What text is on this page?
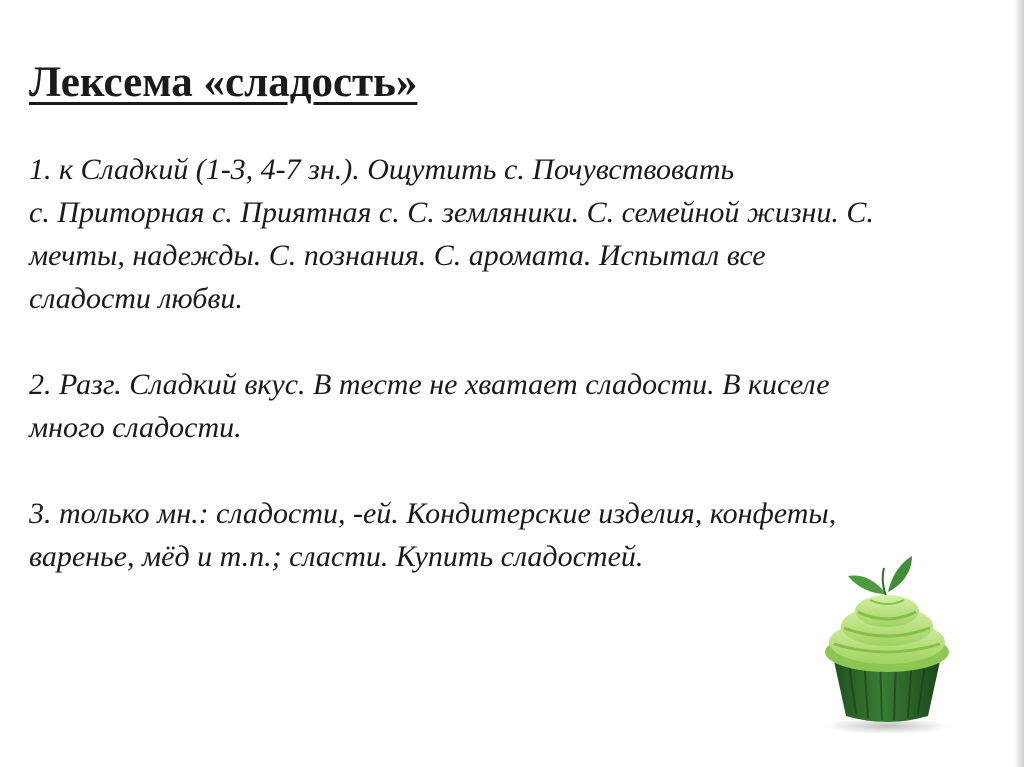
Лексема «сладость»

1. к Сладкий (1-3, 4-7 зн.). Ощутить с. Почувствовать
с. Приторная с. Приятная с. С. земляники. С. семейной жизни. С.
мечты, надежды. С. познания. С. аромата. Испытал все
сладости любви.

2. Разг. Сладкий вкус. В тесте не хватает сладости. В киселе
много сладости.

3. только мн.: сладости, -ей. Кондитерские изделия, конфеты,
варенье, мёд и т.п.; сласти. Купить сладостей.
